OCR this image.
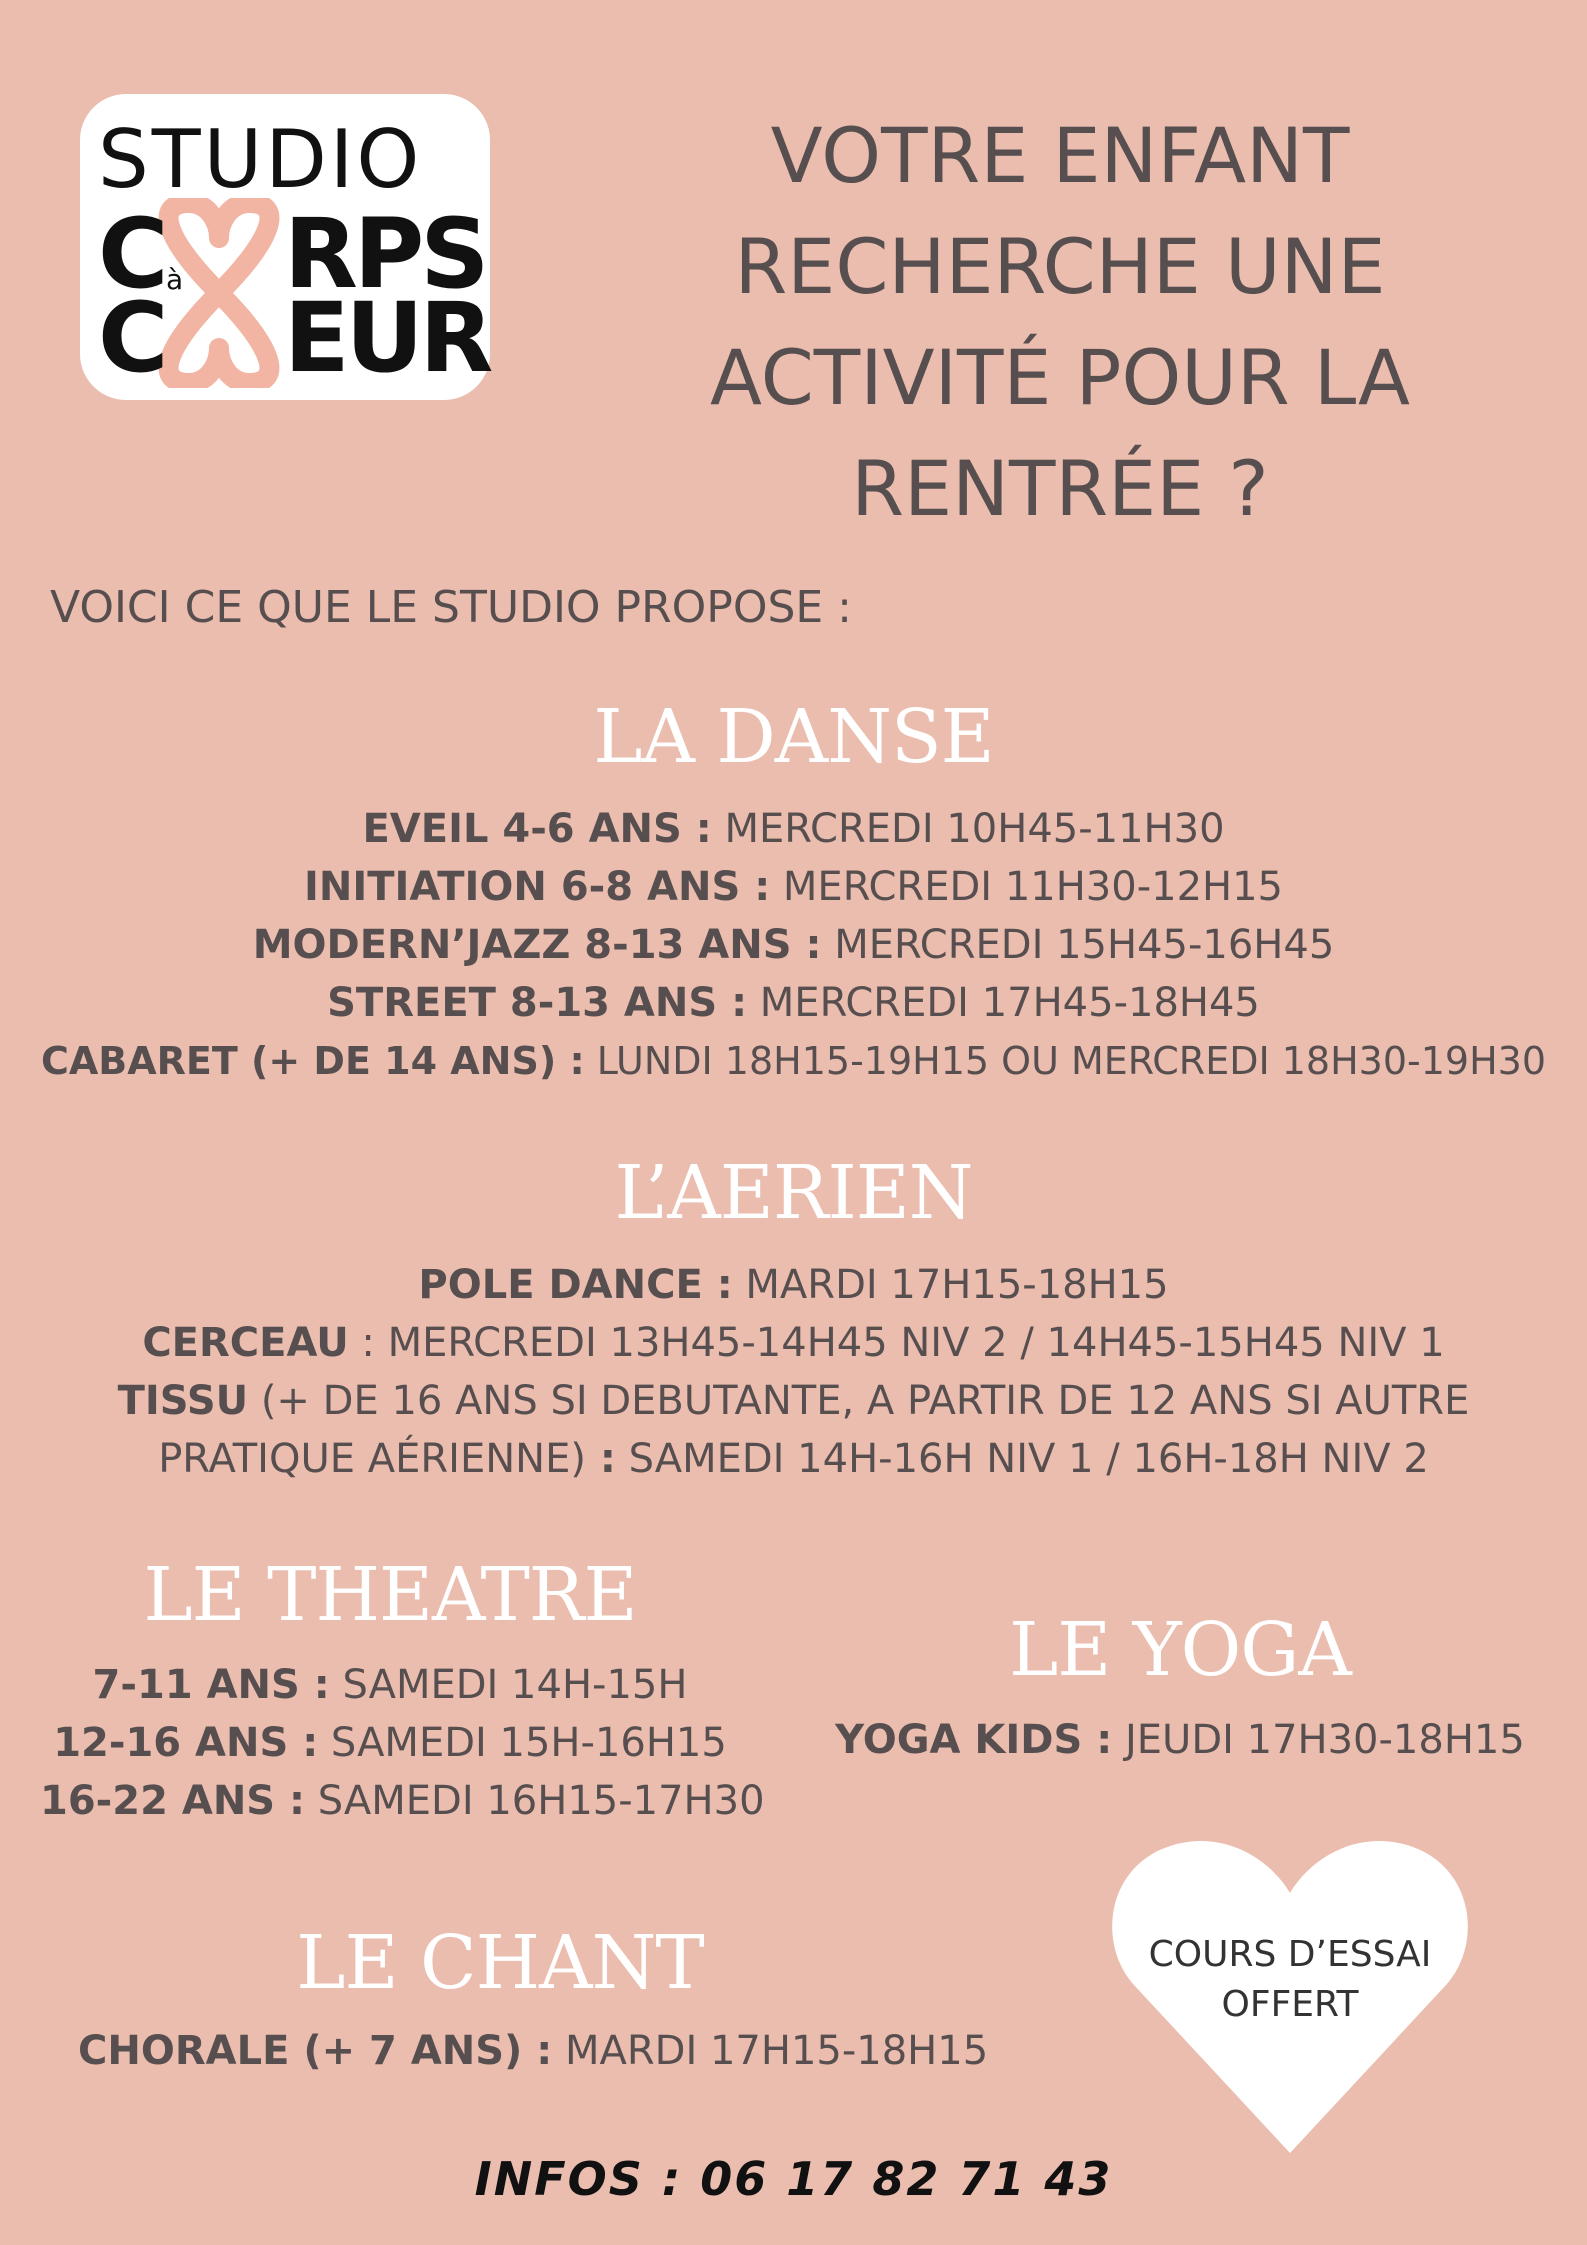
STUDIO
C RPS
à
C EUR
VOTRE ENFANT
RECHERCHE UNE
ACTIVITÉ POUR LA
RENTRÉE ?

VOICI CE QUE LE STUDIO PROPOSE :

LA DANSE

EVEIL 4-6 ANS : MERCREDI 10H45-11H30

INITIATION 6-8 ANS : MERCREDI 11H30-12H15

MODERN’JAZZ 8-13 ANS : MERCREDI 15H45-16H45

STREET 8-13 ANS : MERCREDI 17H45-18H45

CABARET (+ DE 14 ANS) : LUNDI 18H15-19H15 OU MERCREDI 18H30-19H30

L’AERIEN

POLE DANCE : MARDI 17H15-18H15

CERCEAU : MERCREDI 13H45-14H45 NIV 2 / 14H45-15H45 NIV 1

TISSU (+ DE 16 ANS SI DEBUTANTE, A PARTIR DE 12 ANS SI AUTRE

PRATIQUE AÉRIENNE) : SAMEDI 14H-16H NIV 1 / 16H-18H NIV 2

LE THEATRE

7-11 ANS : SAMEDI 14H-15H

12-16 ANS : SAMEDI 15H-16H15

16-22 ANS : SAMEDI 16H15-17H30

LE YOGA

YOGA KIDS : JEUDI 17H30-18H15

LE CHANT

CHORALE (+ 7 ANS) : MARDI 17H15-18H15

COURS D’ESSAI
OFFERT
INFOS : 06 17 82 71 43
